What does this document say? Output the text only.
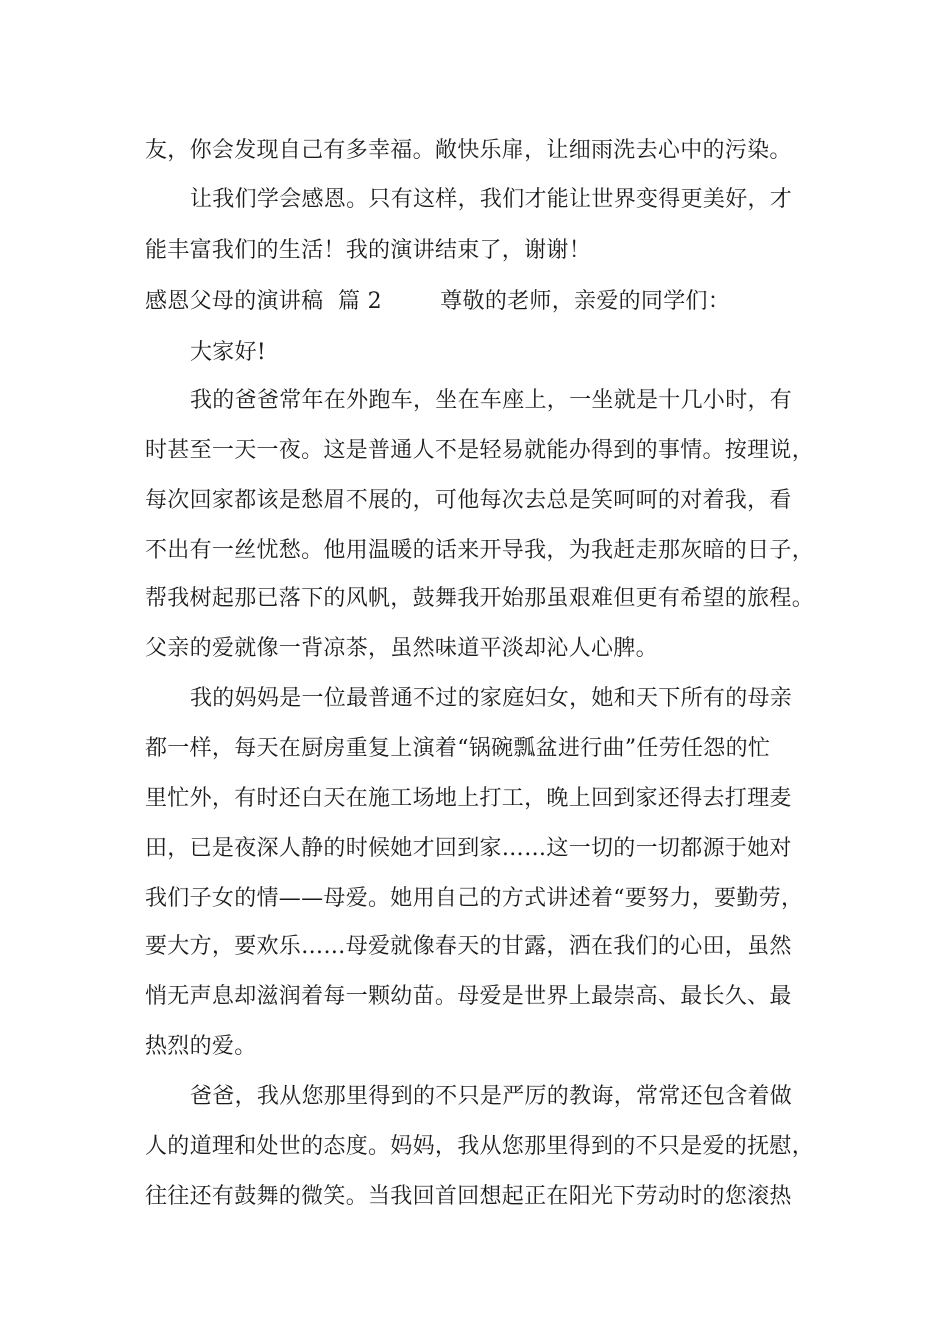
友，你会发现自己有多幸福。敞快乐扉，让细雨洗去心中的污染。
让我们学会感恩。只有这样，我们才能让世界变得更美好，才
能丰富我们的生活！我的演讲结束了，谢谢！
感恩父母的演讲稿  篇 2        尊敬的老师，亲爱的同学们：
大家好!
我的爸爸常年在外跑车，坐在车座上，一坐就是十几小时，有
时甚至一天一夜。这是普通人不是轻易就能办得到的事情。按理说，
每次回家都该是愁眉不展的，可他每次去总是笑呵呵的对着我，看
不出有一丝忧愁。他用温暖的话来开导我，为我赶走那灰暗的日子，
帮我树起那已落下的风帆，鼓舞我开始那虽艰难但更有希望的旅程。
父亲的爱就像一背凉茶，虽然味道平淡却沁人心脾。
我的妈妈是一位最普通不过的家庭妇女，她和天下所有的母亲
都一样，每天在厨房重复上演着“锅碗瓢盆进行曲”任劳任怨的忙
里忙外，有时还白天在施工场地上打工，晚上回到家还得去打理麦
田，已是夜深人静的时候她才回到家……这一切的一切都源于她对
我们子女的情——母爱。她用自己的方式讲述着“要努力，要勤劳，
要大方，要欢乐……母爱就像春天的甘露，洒在我们的心田，虽然
悄无声息却滋润着每一颗幼苗。母爱是世界上最崇高、最长久、最
热烈的爱。
爸爸，我从您那里得到的不只是严厉的教诲，常常还包含着做
人的道理和处世的态度。妈妈，我从您那里得到的不只是爱的抚慰，
往往还有鼓舞的微笑。当我回首回想起正在阳光下劳动时的您滚热
